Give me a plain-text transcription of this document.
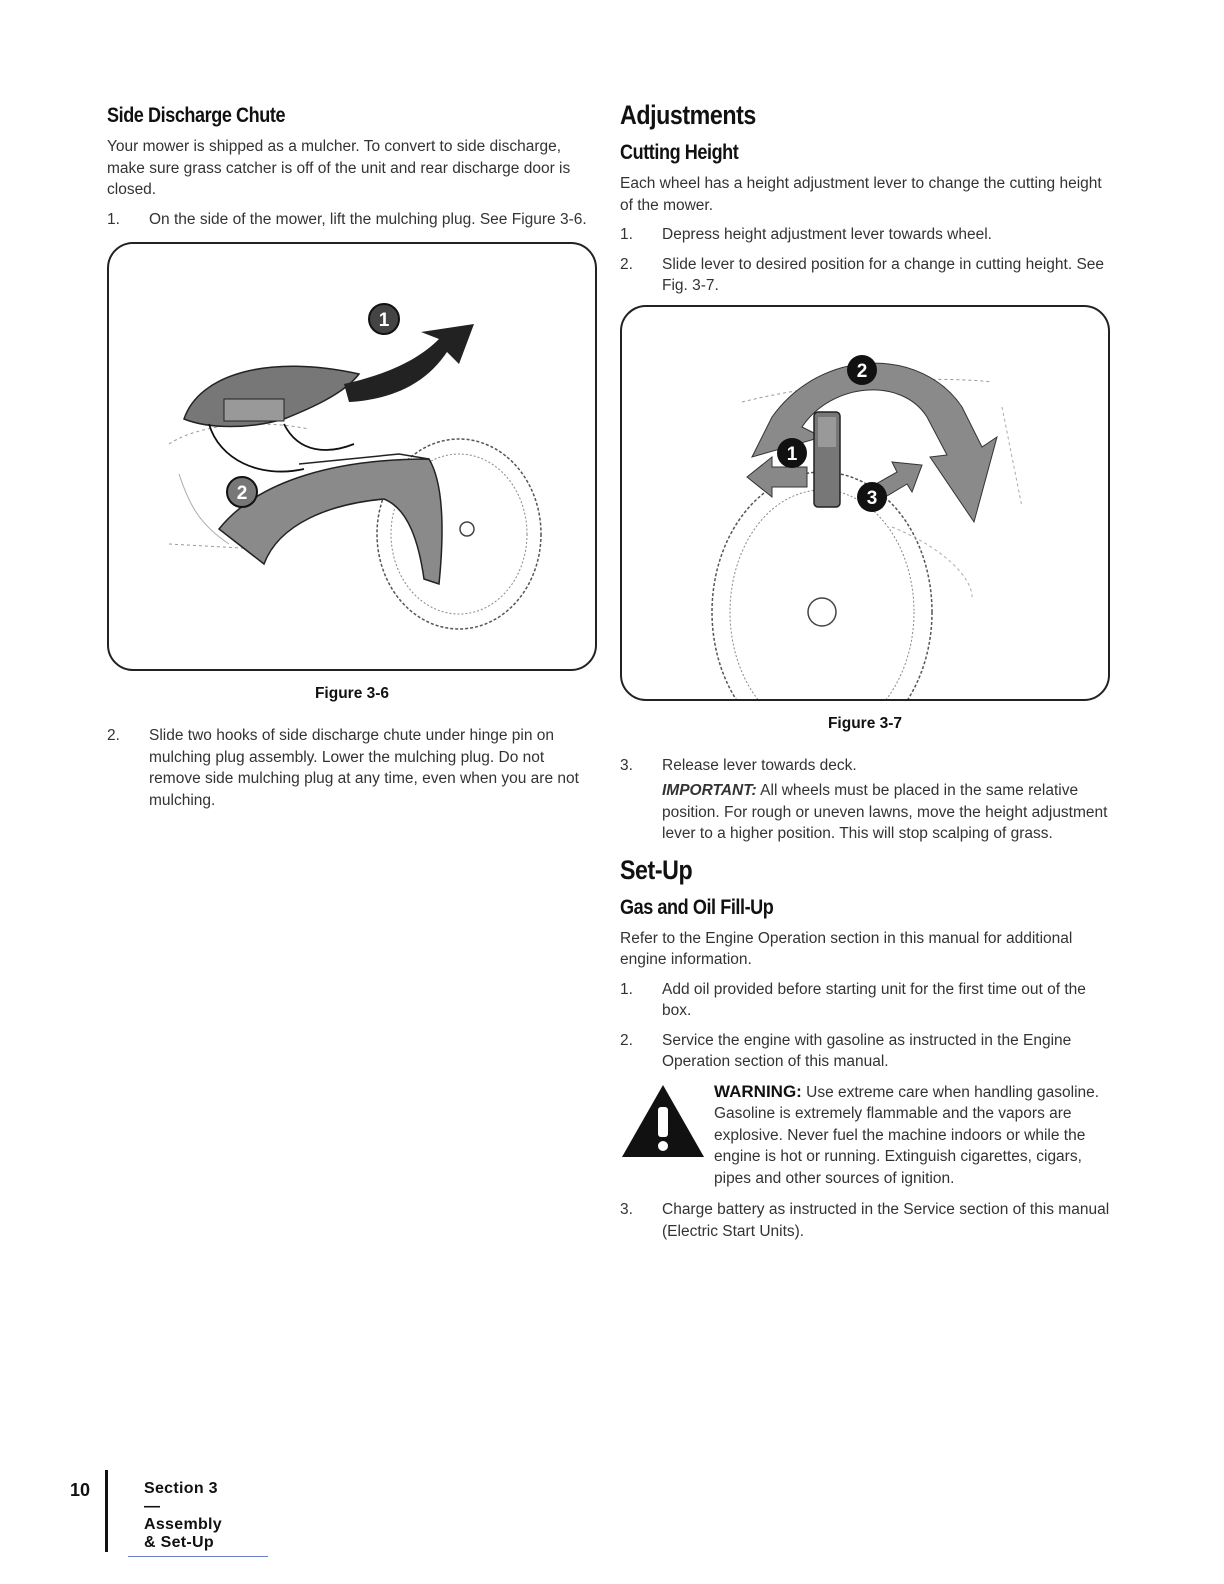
Side Discharge Chute

Your mower is shipped as a mulcher. To convert to side discharge, make sure grass catcher is off of the unit and rear discharge door is closed.

1.	On the side of the mower, lift the mulching plug. See Figure 3-6.
1
2
Figure 3-6
2.	Slide two hooks of side discharge chute under hinge pin on mulching plug assembly. Lower the mulching plug. Do not remove side mulching plug at any time, even when you are not mulching.
Adjustments
Cutting Height

Each wheel has a height adjustment lever to change the cutting height of the mower.

1.	Depress height adjustment lever towards wheel.
2.	Slide lever to desired position for a change in cutting height. See Fig. 3-7.
1
2
3
Figure 3-7
3.	Release lever towards deck.

IMPORTANT: All wheels must be placed in the same relative position. For rough or uneven lawns, move the height adjustment lever to a higher position. This will stop scalping of grass.

Set-Up
Gas and Oil Fill-Up

Refer to the Engine Operation section in this manual for additional engine information.

1.	Add oil provided before starting unit for the first time out of the box.
2.	Service the engine with gasoline as instructed in the Engine Operation section of this manual.
WARNING: Use extreme care when handling gasoline. Gasoline is extremely flammable and the vapors are explosive. Never fuel the machine indoors or while the engine is hot or running. Extinguish cigarettes, cigars, pipes and other sources of ignition.
3.	Charge battery as instructed in the Service section of this manual (Electric Start Units).
10	Section 3 — Assembly & Set-Up
